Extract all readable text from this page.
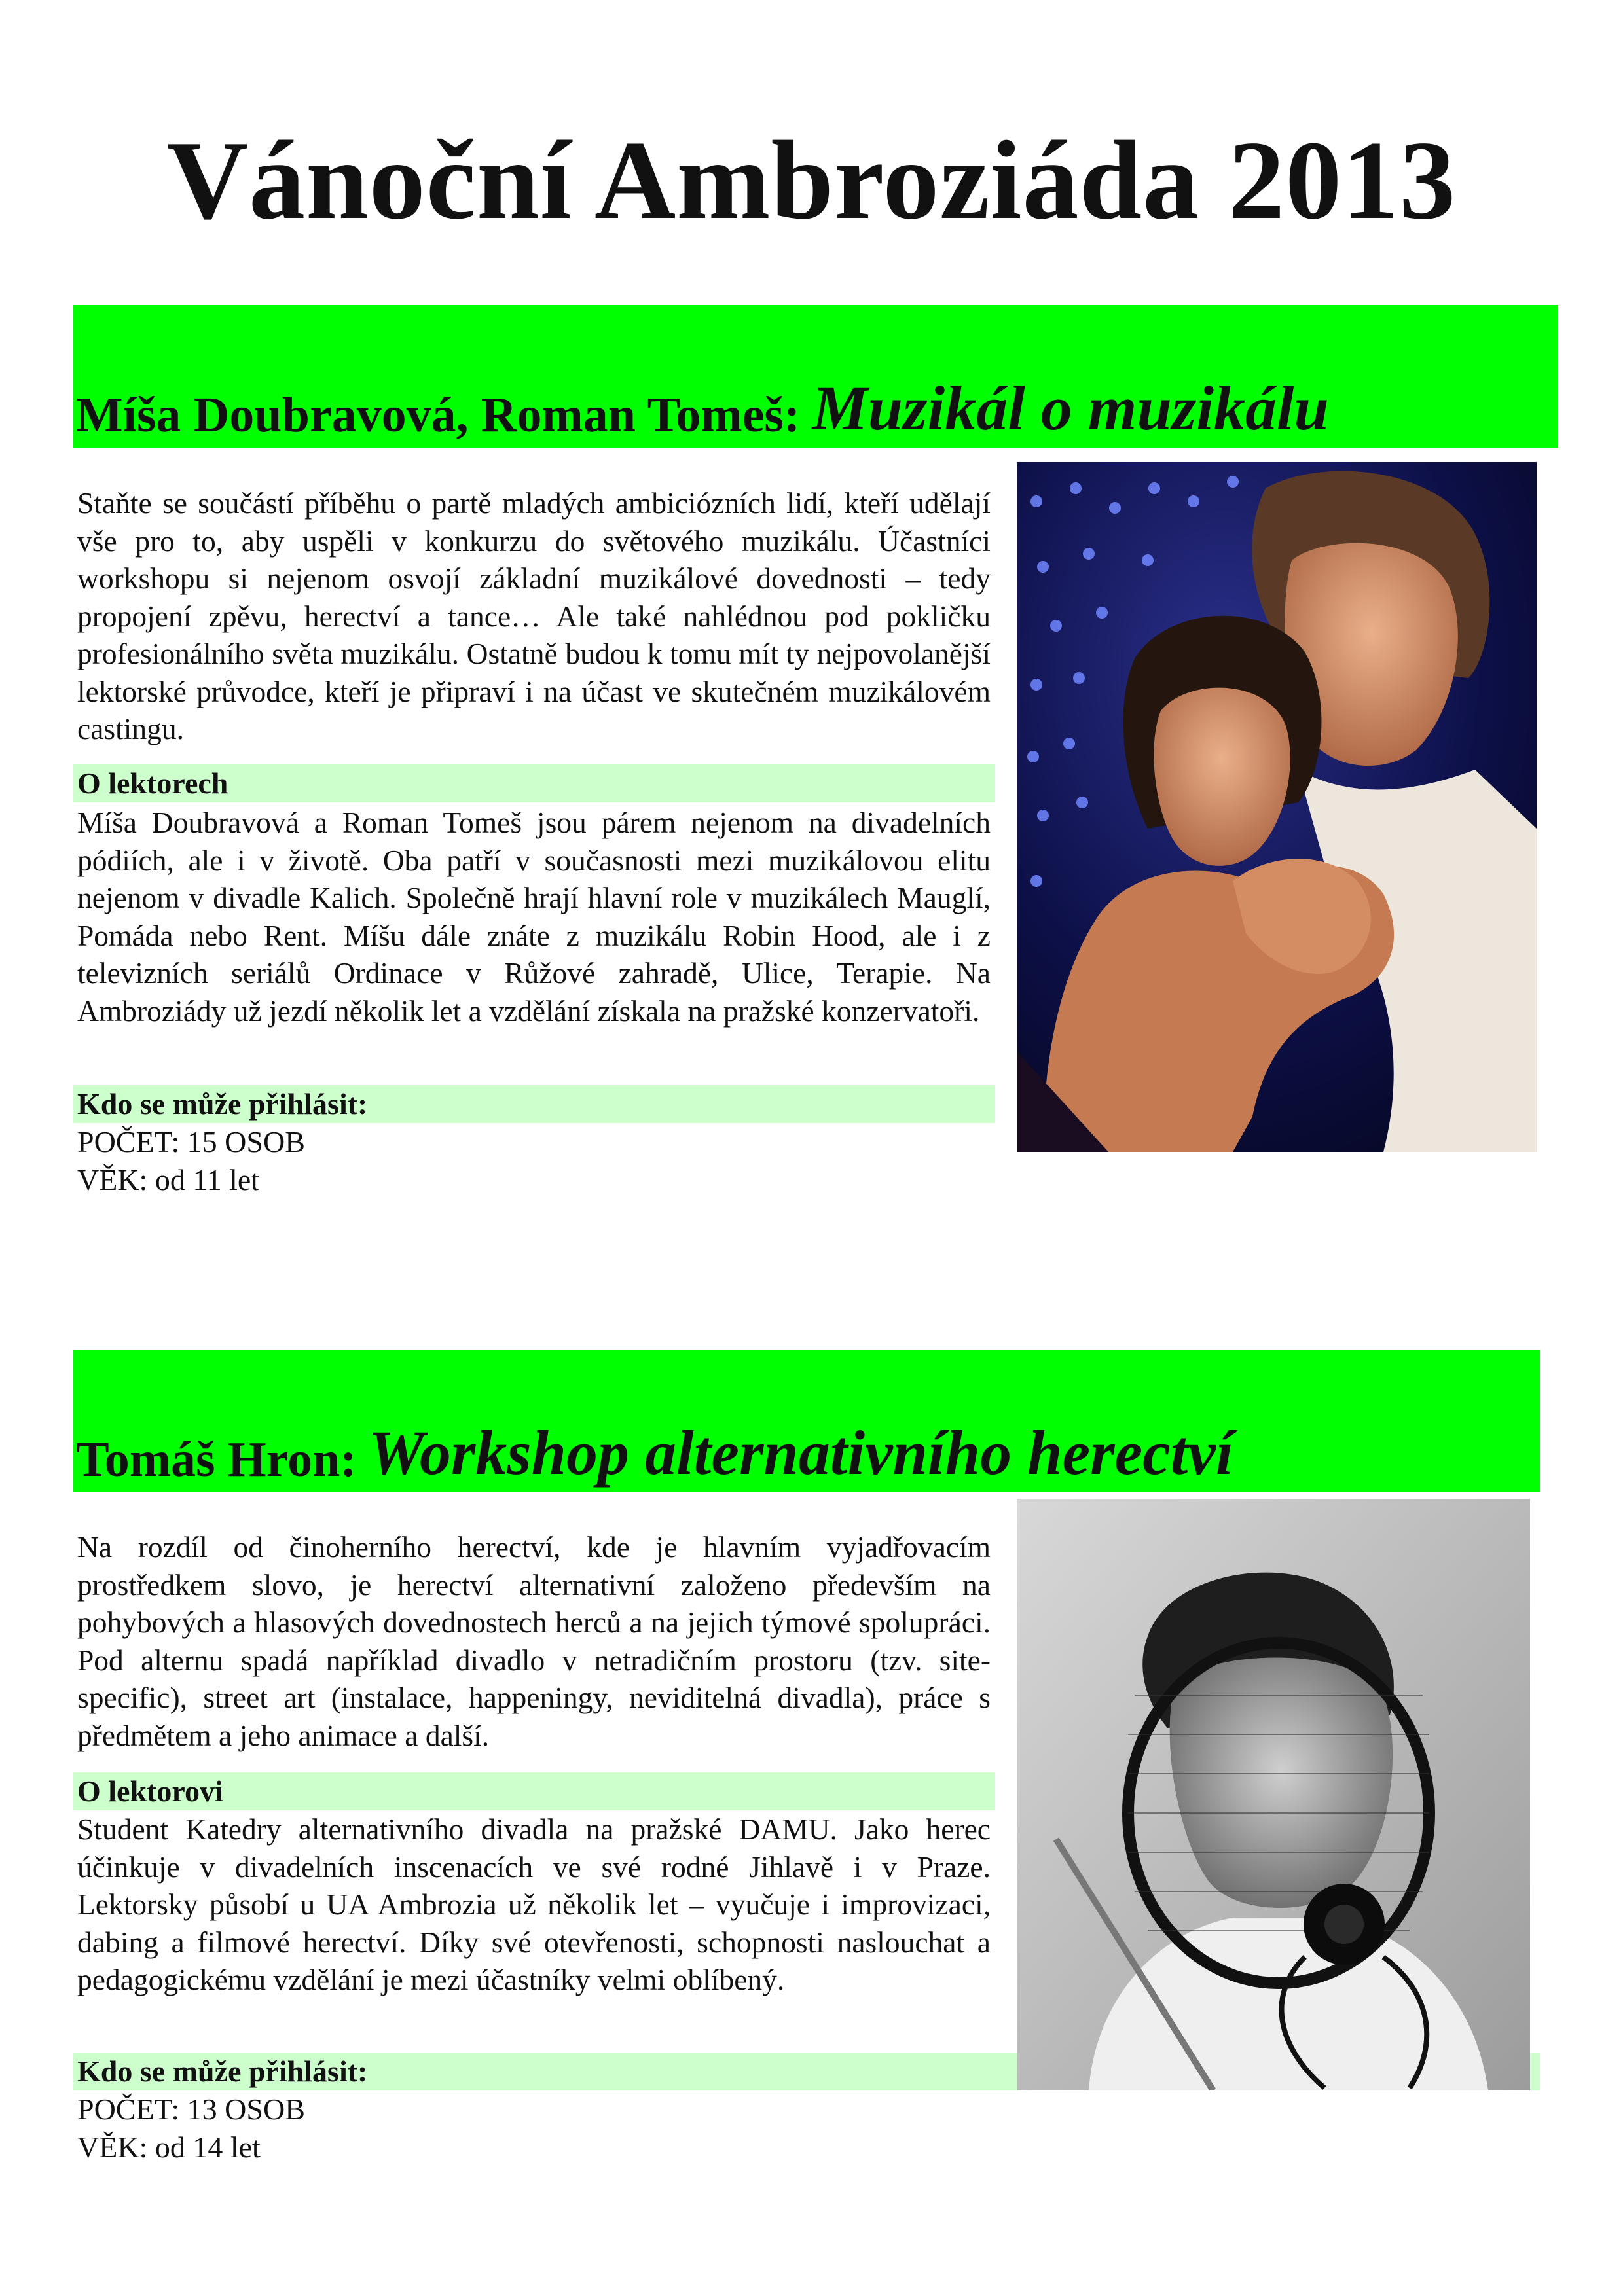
Vánoční Ambroziáda 2013
Míša Doubravová, Roman Tomeš: Muzikál o muzikálu
Staňte se součástí příběhu o partě mladých ambiciózních lidí, kteří udělají vše pro to, aby uspěli v konkurzu do světového muzikálu. Účastníci workshopu si nejenom osvojí základní muzikálové dovednosti – tedy propojení zpěvu, herectví a tance… Ale také nahlédnou pod pokličku profesionálního světa muzikálu. Ostatně budou k tomu mít ty nejpovolanější lektorské průvodce, kteří je připraví i na účast ve skutečném muzikálovém castingu.
O lektorech
Míša Doubravová a Roman Tomeš jsou párem nejenom na divadelních pódiích, ale i v životě. Oba patří v současnosti mezi muzikálovou elitu nejenom v divadle Kalich. Společně hrají hlavní role v muzikálech Mauglí, Pomáda nebo Rent. Míšu dále znáte z muzikálu Robin Hood, ale i z televizních seriálů Ordinace v Růžové zahradě, Ulice, Terapie. Na Ambroziády už jezdí několik let a vzdělání získala na pražské konzervatoři.
Kdo se může přihlásit:
POČET: 15 OSOB
VĚK: od 11 let
Tomáš Hron: Workshop alternativního herectví
Na rozdíl od činoherního herectví, kde je hlavním vyjadřovacím prostředkem slovo, je herectví alternativní založeno především na pohybových a hlasových dovednostech herců a na jejich týmové spolupráci. Pod alternu spadá například divadlo v netradičním prostoru (tzv. site-specific), street art (instalace, happeningy, neviditelná divadla), práce s předmětem a jeho animace a další.
O lektorovi
Student Katedry alternativního divadla na pražské DAMU. Jako herec účinkuje v divadelních inscenacích ve své rodné Jihlavě i v Praze. Lektorsky působí u UA Ambrozia už několik let – vyučuje i improvizaci, dabing a filmové herectví. Díky své otevřenosti, schopnosti naslouchat a pedagogickému vzdělání je mezi účastníky velmi oblíbený.
Kdo se může přihlásit:
POČET: 13 OSOB
VĚK: od 14 let
